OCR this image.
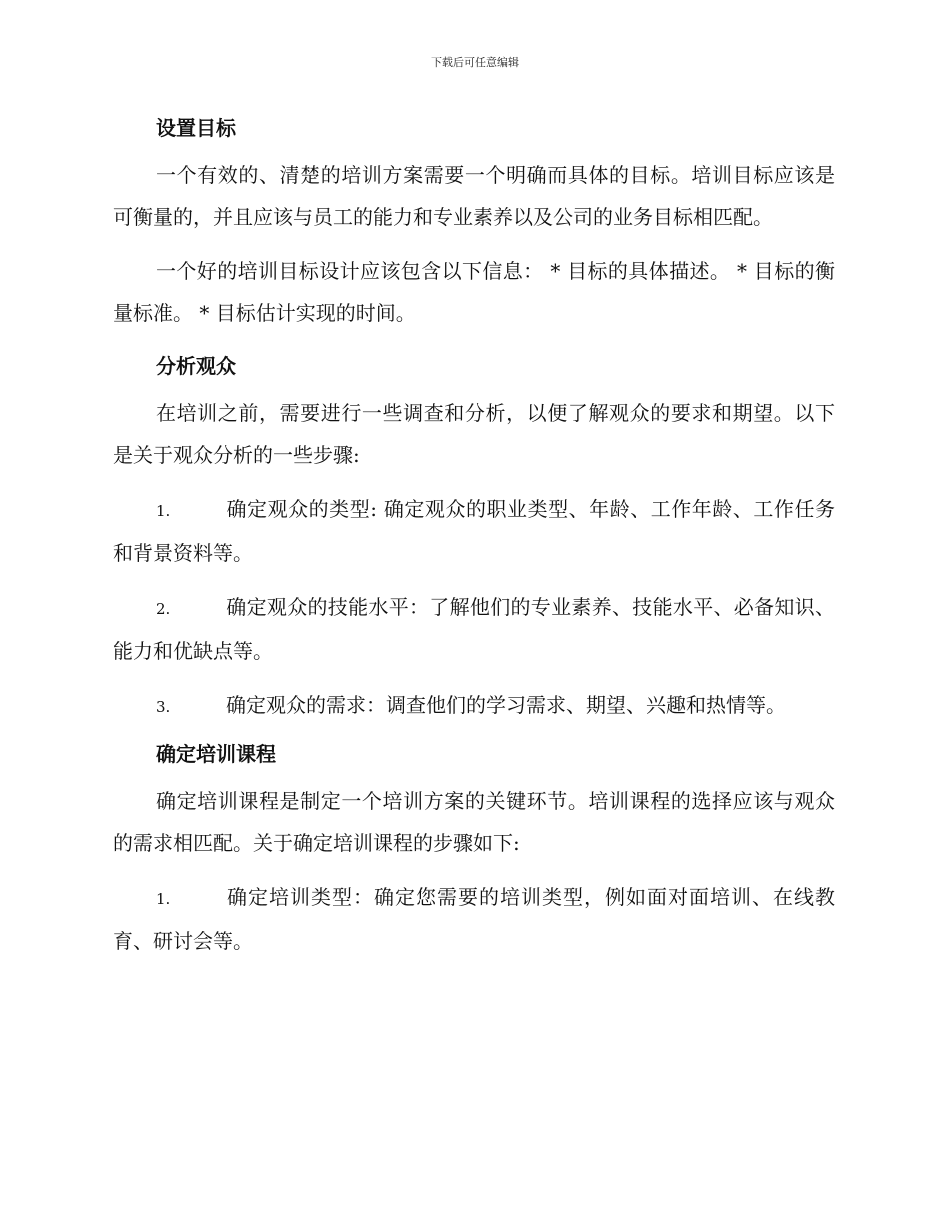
下载后可任意编辑
设置目标

一个有效的、清楚的培训方案需要一个明确而具体的目标。培训目标应该是可衡量的，并且应该与员工的能力和专业素养以及公司的业务目标相匹配。

一个好的培训目标设计应该包含以下信息： * 目标的具体描述。 * 目标的衡量标准。 * 目标估计实现的时间。

分析观众

在培训之前，需要进行一些调查和分析，以便了解观众的要求和期望。以下是关于观众分析的一些步骤:

1.	确定观众的类型: 确定观众的职业类型、年龄、工作年龄、工作任务和背景资料等。
2.	确定观众的技能水平：了解他们的专业素养、技能水平、必备知识、能力和优缺点等。
3.	确定观众的需求：调查他们的学习需求、期望、兴趣和热情等。
确定培训课程

确定培训课程是制定一个培训方案的关键环节。培训课程的选择应该与观众的需求相匹配。关于确定培训课程的步骤如下:

1.	确定培训类型：确定您需要的培训类型，例如面对面培训、在线教育、研讨会等。
